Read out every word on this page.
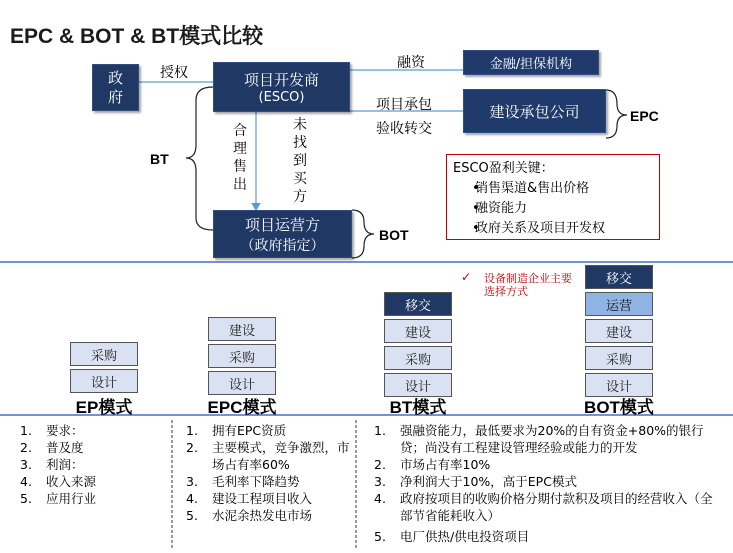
EPC & BOT & BT模式比较
政
府
项目开发商
(ESCO)
金融/担保机构
建设承包公司
项目运营方
（政府指定）
授权
融资
项目承包
验收转交
合理售出
未找到买方
EPC
BT
BOT
ESCO盈利关键：
• 销售渠道&售出价格
• 融资能力
• 政府关系及项目开发权
✓ 设备制造企业主要选择方式
采购
设计
EP模式
建设
采购
设计
EPC模式
移交
建设
采购
设计
BT模式
移交
运营
建设
采购
设计
BOT模式
1. 要求：
2. 普及度
3. 利润：
4. 收入来源
5. 应用行业
1. 拥有EPC资质
2. 主要模式，竞争激烈，市场占有率60%
3. 毛利率下降趋势
4. 建设工程项目收入
5. 水泥余热发电市场
1. 强融资能力，最低要求为20%的自有资金+80%的银行贷；尚没有工程建设管理经验或能力的开发
2. 市场占有率10%
3. 净利润大于10%，高于EPC模式
4. 政府按项目的收购价格分期付款积及项目的经营收入（全部节省能耗收入）
5. 电厂供热/供电投资项目
